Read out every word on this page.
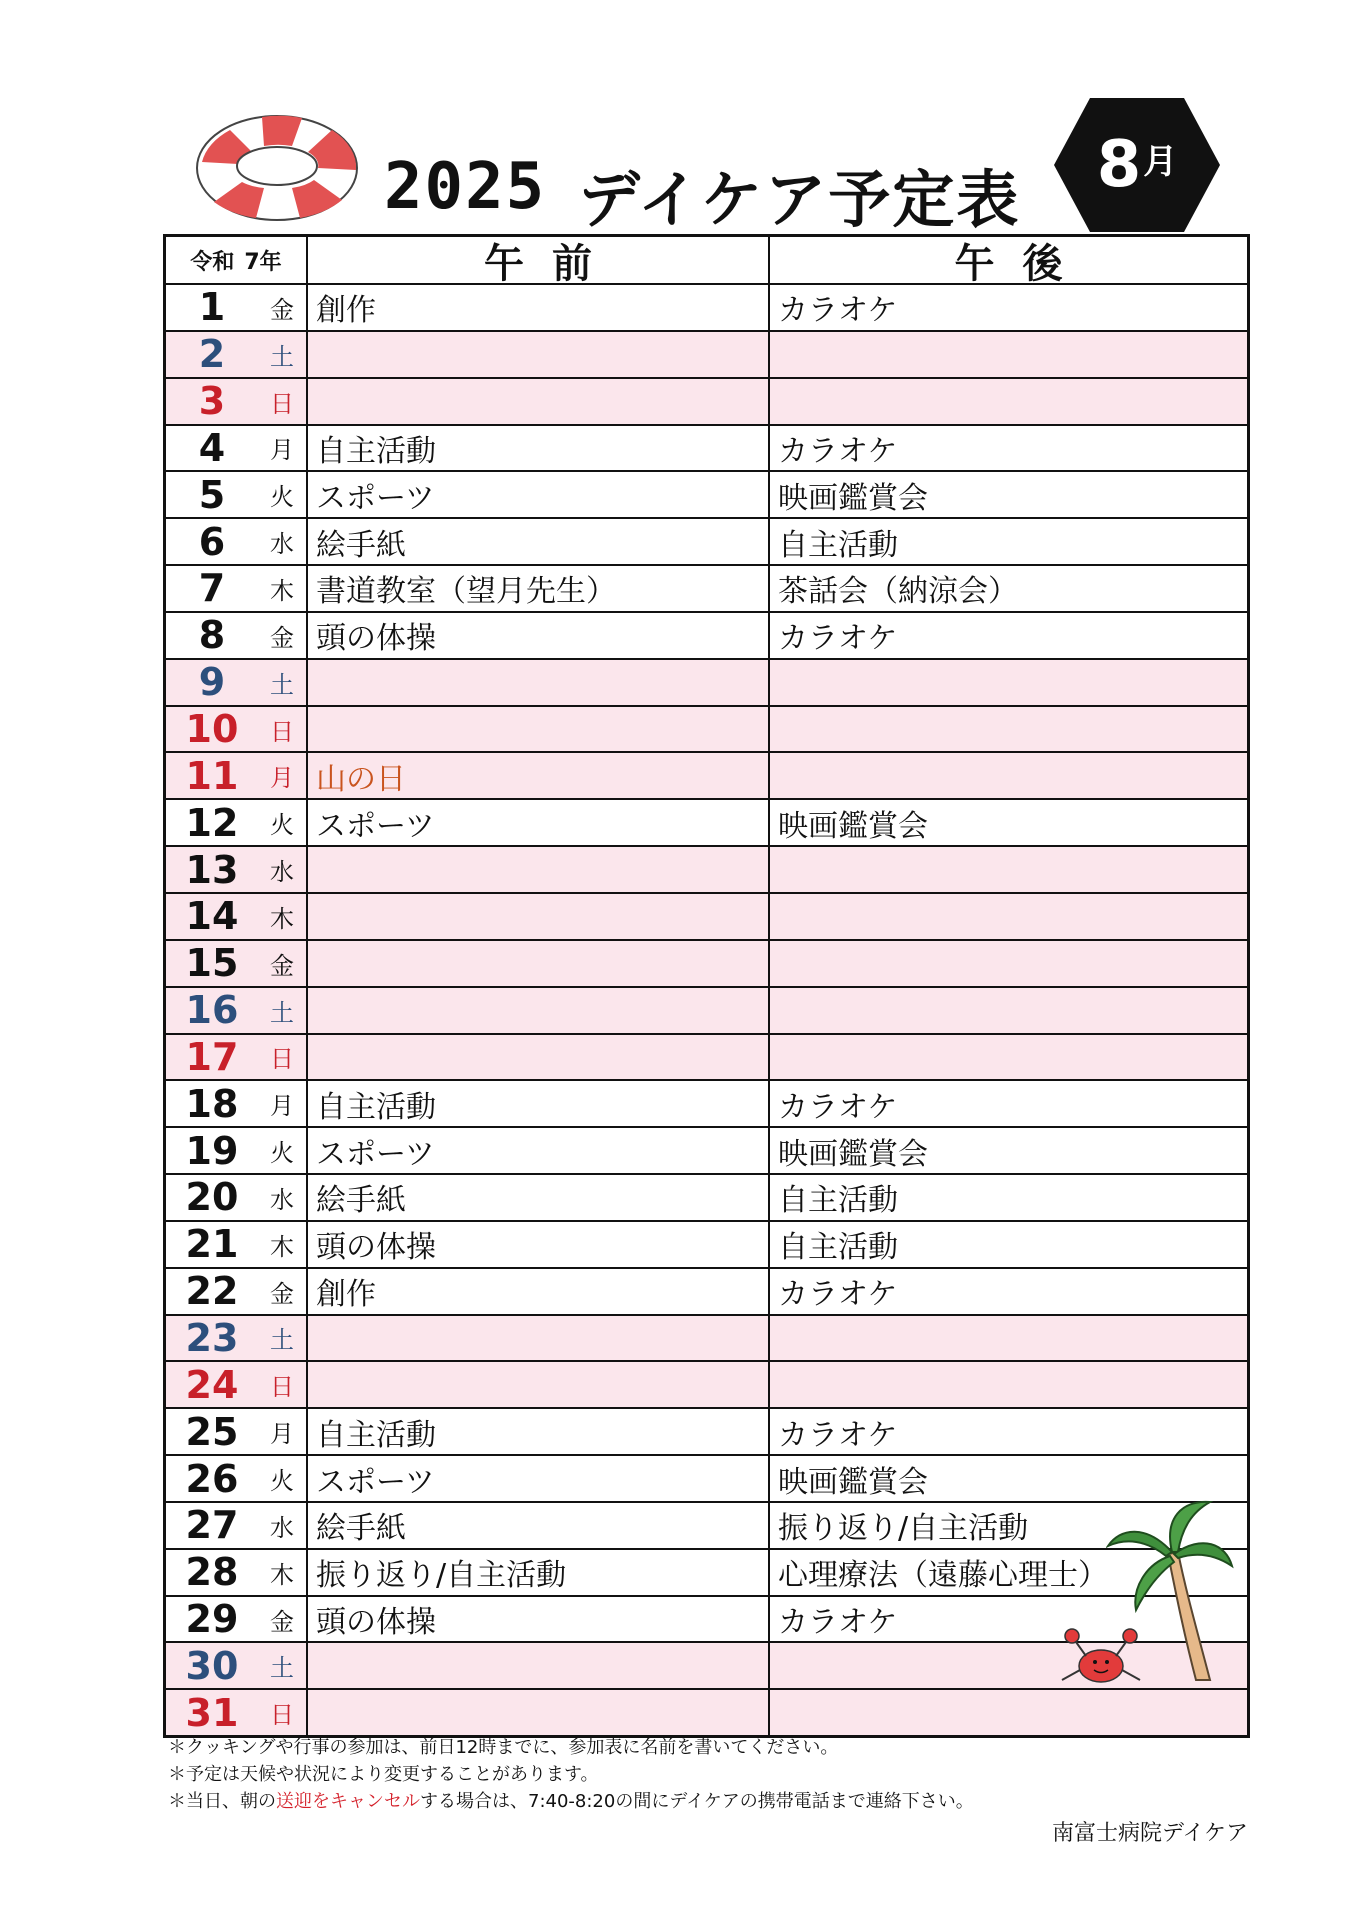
2025 デイケア予定表 8 月
令和 7年	午前	午後
1	金 創作	カラオケ
2	土
3	日
4	月 自主活動	カラオケ
5	火 スポーツ	映画鑑賞会
6	水 絵手紙	自主活動
7	木 書道教室（望月先生）	茶話会（納涼会）
8	金 頭の体操	カラオケ
9	土
10	日
11	月 山の日
12	火 スポーツ	映画鑑賞会
13	水
14	木
15	金
16	土
17	日
18	月 自主活動	カラオケ
19	火 スポーツ	映画鑑賞会
20	水 絵手紙	自主活動
21	木 頭の体操	自主活動
22	金 創作	カラオケ
23	土
24	日
25	月 自主活動	カラオケ
26	火 スポーツ	映画鑑賞会
27	水 絵手紙	振り返り/自主活動
28	木 振り返り/自主活動	心理療法（遠藤心理士）
29	金 頭の体操	カラオケ
30	土
31	日
＊クッキングや行事の参加は、前日12時までに、参加表に名前を書いてください。
＊予定は天候や状況により変更することがあります。
＊当日、朝の送迎をキャンセルする場合は、7:40-8:20の間にデイケアの携帯電話まで連絡下さい。
南富士病院デイケア
